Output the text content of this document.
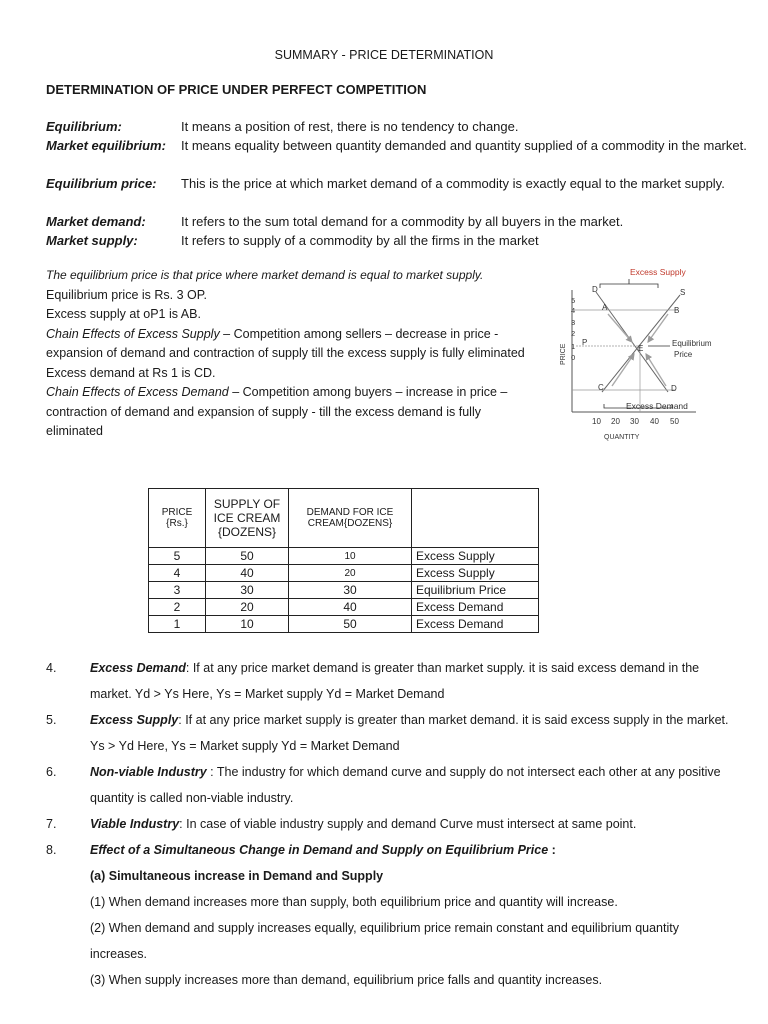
SUMMARY - PRICE DETERMINATION
DETERMINATION OF PRICE UNDER PERFECT COMPETITION
Equilibrium:	It means a position of rest, there is no tendency to change.
Market equilibrium: It means equality between quantity demanded and quantity supplied of a commodity in the market.
Equilibrium price: This is the price at which market demand of a commodity is exactly equal to the market supply.
Market demand:	It refers to the sum total demand for a commodity by all buyers in the market.
Market supply:	It refers to supply of a commodity by all the firms in the market

The equilibrium price is that price where market demand is equal to market supply.

Equilibrium price is Rs. 3 OP.

Excess supply at oP1 is AB.

Chain Effects of Excess Supply – Competition among sellers – decrease in price - expansion of demand and contraction of supply till the excess supply is fully eliminated

Excess demand at Rs 1 is CD.

Chain Effects of Excess Demand – Competition among buyers – increase in price – contraction of demand and expansion of supply - till the excess demand is fully eliminated

Excess Supply
5
4
3
2
1
0
PRICE
D	S
A	B
P
E
C	D
Equilibrium
Price
Excess Demand
10 20 30 40 50
QUANTITY
PRICE {Rs.}	SUPPLY OF ICE CREAM {DOZENS}	DEMAND FOR ICE CREAM{DOZENS}	
5	50	10	Excess Supply
4	40	20	Excess Supply
3	30	30	Equilibrium Price
2	20	40	Excess Demand
1	10	50	Excess Demand
4.	Excess Demand: If at any price market demand is greater than market supply. it is said excess demand in the market. Yd > Ys Here, Ys = Market supply Yd = Market Demand
5.	Excess Supply: If at any price market supply is greater than market demand. it is said excess supply in the market. Ys > Yd Here, Ys = Market supply Yd = Market Demand
6.	Non-viable Industry : The industry for which demand curve and supply do not intersect each other at any positive quantity is called non-viable industry.
7.	Viable Industry: In case of viable industry supply and demand Curve must intersect at same point.
8.	Effect of a Simultaneous Change in Demand and Supply on Equilibrium Price :
(a) Simultaneous increase in Demand and Supply
(1) When demand increases more than supply, both equilibrium price and quantity will increase.
(2) When demand and supply increases equally, equilibrium price remain constant and equilibrium quantity increases.
(3) When supply increases more than demand, equilibrium price falls and quantity increases.
